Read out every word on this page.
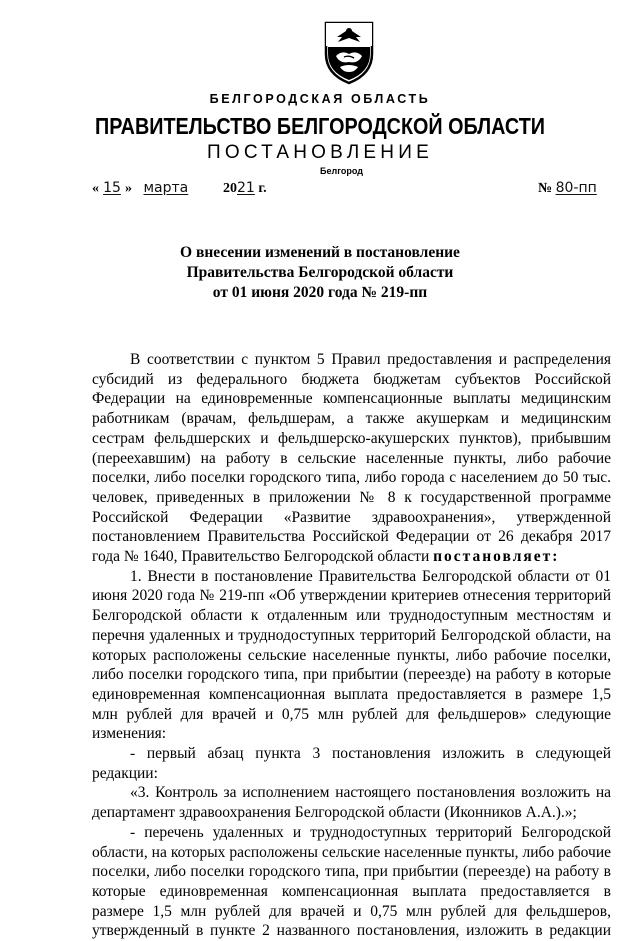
БЕЛГОРОДСКАЯ ОБЛАСТЬ
ПРАВИТЕЛЬСТВО БЕЛГОРОДСКОЙ ОБЛАСТИ
ПОСТАНОВЛЕНИЕ
Белгород
« 15 » марта 2021 г.	№ 80-пп
О внесении изменений в постановление
Правительства Белгородской области
от 01 июня 2020 года № 219-пп
В соответствии с пунктом 5 Правил предоставления и распределения субсидий из федерального бюджета бюджетам субъектов Российской Федерации на единовременные компенсационные выплаты медицинским работникам (врачам, фельдшерам, а также акушеркам и медицинским сестрам фельдшерских и фельдшерско-акушерских пунктов), прибывшим (переехавшим) на работу в сельские населенные пункты, либо рабочие поселки, либо поселки городского типа, либо города с населением до 50 тыс. человек, приведенных в приложении № 8 к государственной программе Российской Федерации «Развитие здравоохранения», утвержденной постановлением Правительства Российской Федерации от 26 декабря 2017 года № 1640, Правительство Белгородской области постановляет:
1. Внести в постановление Правительства Белгородской области от 01 июня 2020 года № 219-пп «Об утверждении критериев отнесения территорий Белгородской области к отдаленным или труднодоступным местностям и перечня удаленных и труднодоступных территорий Белгородской области, на которых расположены сельские населенные пункты, либо рабочие поселки, либо поселки городского типа, при прибытии (переезде) на работу в которые единовременная компенсационная выплата предоставляется в размере 1,5 млн рублей для врачей и 0,75 млн рублей для фельдшеров» следующие изменения:
- первый абзац пункта 3 постановления изложить в следующей редакции:
«3. Контроль за исполнением настоящего постановления возложить на департамент здравоохранения Белгородской области (Иконников А.А.).»;
- перечень удаленных и труднодоступных территорий Белгородской области, на которых расположены сельские населенные пункты, либо рабочие поселки, либо поселки городского типа, при прибытии (переезде) на работу в которые единовременная компенсационная выплата предоставляется в размере 1,5 млн рублей для врачей и 0,75 млн рублей для фельдшеров, утвержденный в пункте 2 названного постановления, изложить в редакции
